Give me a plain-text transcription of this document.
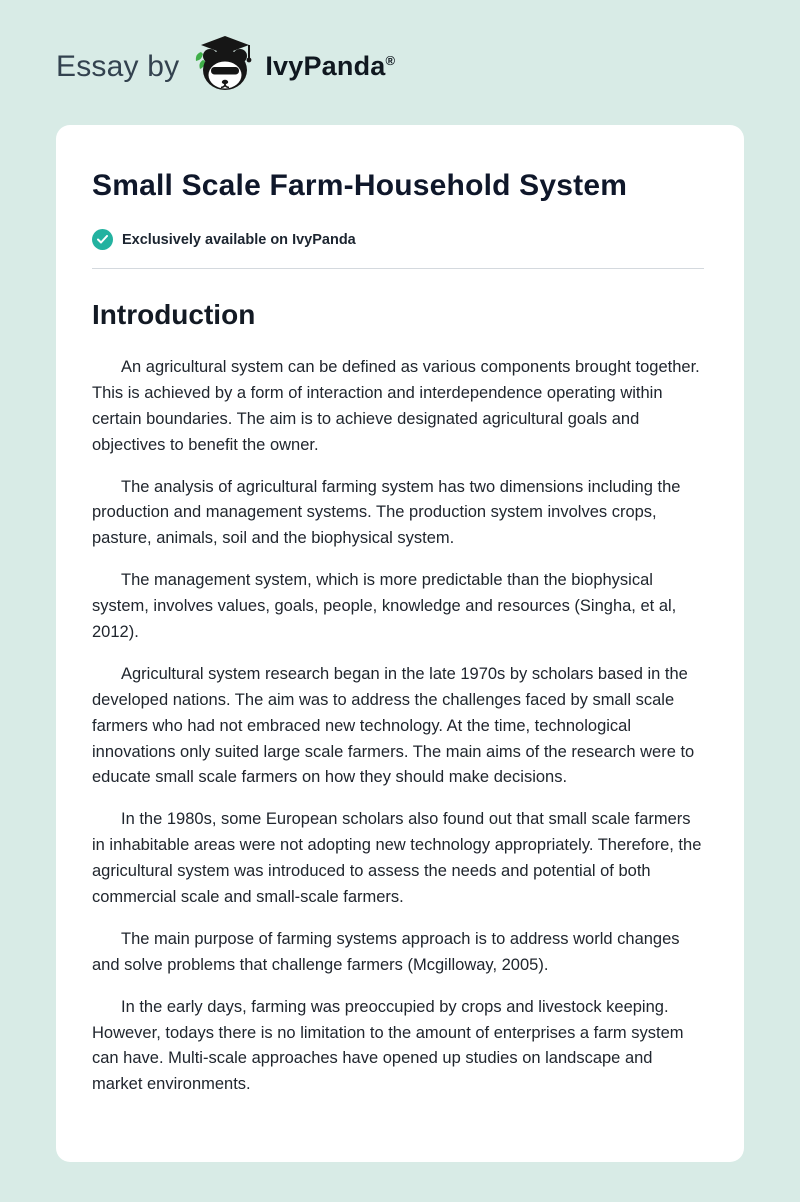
Essay by	IvyPanda®
Small Scale Farm-Household System
Exclusively available on IvyPanda
Introduction

An agricultural system can be defined as various components brought together. This is achieved by a form of interaction and interdependence operating within certain boundaries. The aim is to achieve designated agricultural goals and objectives to benefit the owner.

The analysis of agricultural farming system has two dimensions including the production and management systems. The production system involves crops, pasture, animals, soil and the biophysical system.

The management system, which is more predictable than the biophysical system, involves values, goals, people, knowledge and resources (Singha, et al, 2012).

Agricultural system research began in the late 1970s by scholars based in the developed nations. The aim was to address the challenges faced by small scale farmers who had not embraced new technology. At the time, technological innovations only suited large scale farmers. The main aims of the research were to educate small scale farmers on how they should make decisions.

In the 1980s, some European scholars also found out that small scale farmers in inhabitable areas were not adopting new technology appropriately. Therefore, the agricultural system was introduced to assess the needs and potential of both commercial scale and small-scale farmers.

The main purpose of farming systems approach is to address world changes and solve problems that challenge farmers (Mcgilloway, 2005).

In the early days, farming was preoccupied by crops and livestock keeping. However, todays there is no limitation to the amount of enterprises a farm system can have. Multi-scale approaches have opened up studies on landscape and market environments.
